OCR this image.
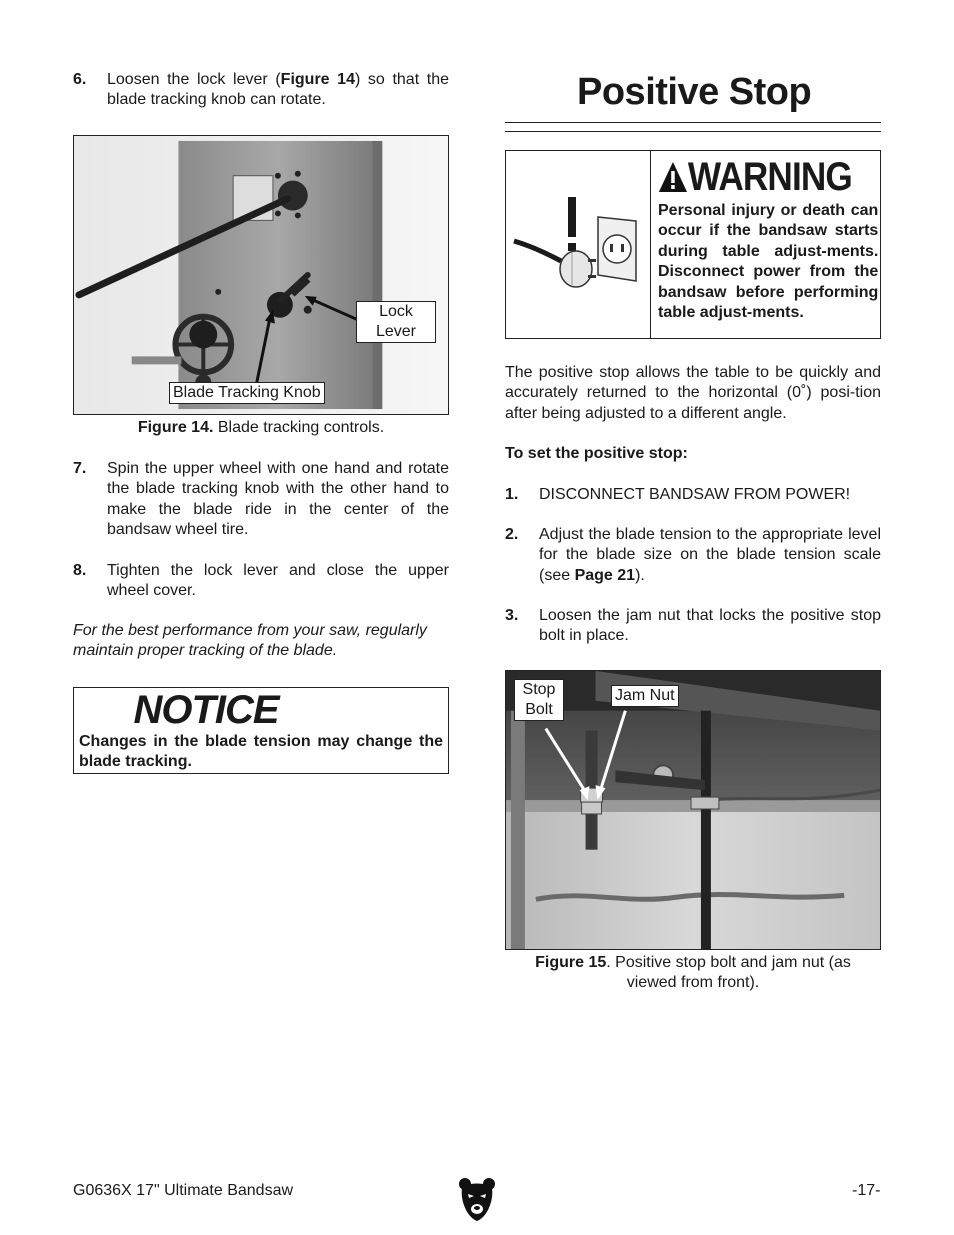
6.	Loosen the lock lever (Figure 14) so that the blade tracking knob can rotate.
Lock Lever
Blade Tracking Knob
Figure 14. Blade tracking controls.
7.	Spin the upper wheel with one hand and rotate the blade tracking knob with the other hand to make the blade ride in the center of the bandsaw wheel tire.
8.	Tighten the lock lever and close the upper wheel cover.
For the best performance from your saw, regularly maintain proper tracking of the blade.
NOTICE
Changes in the blade tension may change the blade tracking.
Positive Stop
WARNING
Personal injury or death can occur if the bandsaw starts during table adjust-ments. Disconnect power from the bandsaw before performing table adjust-ments.
The positive stop allows the table to be quickly and accurately returned to the horizontal (0˚) posi-tion after being adjusted to a different angle.
To set the positive stop:
1.	DISCONNECT BANDSAW FROM POWER!
2.	Adjust the blade tension to the appropriate level for the blade size on the blade tension scale (see Page 21).
3.	Loosen the jam nut that locks the positive stop bolt in place.
Stop Bolt
Jam Nut
Figure 15. Positive stop bolt and jam nut (as viewed from front).
G0636X 17" Ultimate Bandsaw	-17-
